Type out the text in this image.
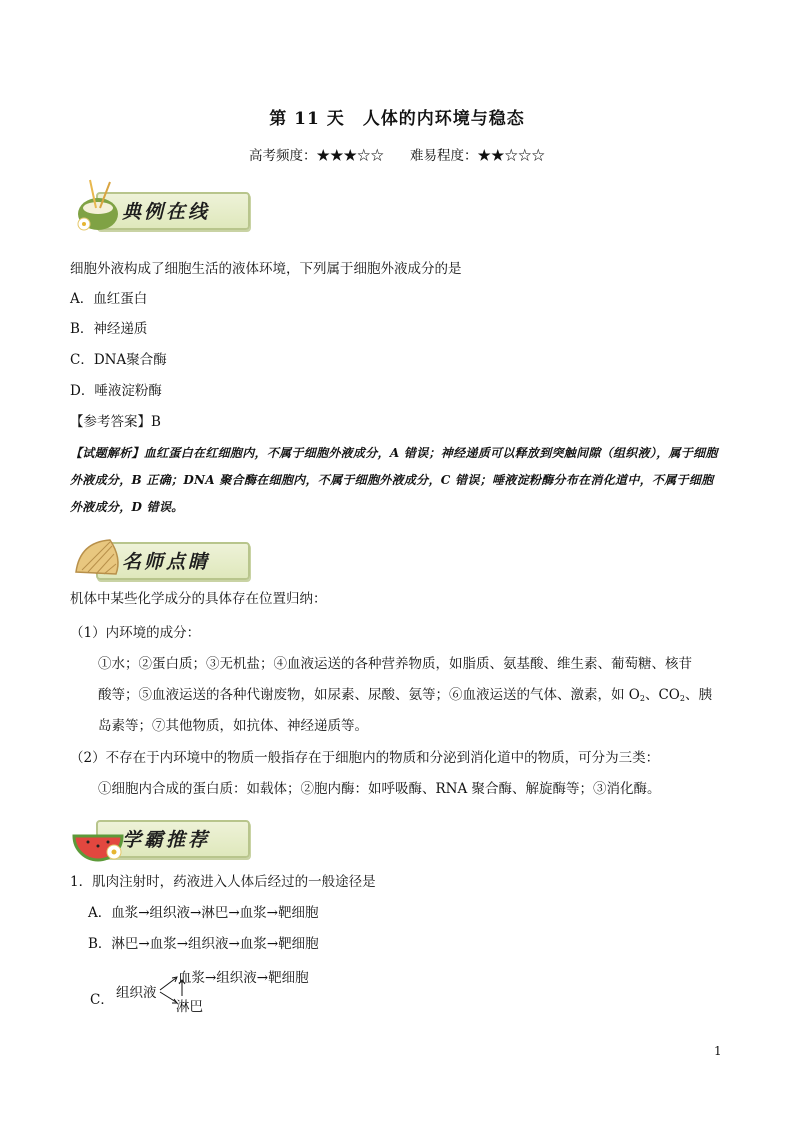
第 11 天 人体的内环境与稳态
高考频度：★★★☆☆ 难易程度：★★☆☆☆
典例在线
细胞外液构成了细胞生活的液体环境，下列属于细胞外液成分的是
A．血红蛋白
B．神经递质
C．DNA聚合酶
D．唾液淀粉酶
【参考答案】B
【试题解析】血红蛋白在红细胞内，不属于细胞外液成分，A 错误；神经递质可以释放到突触间隙（组织液），属于细胞外液成分，B 正确；DNA 聚合酶在细胞内，不属于细胞外液成分，C 错误；唾液淀粉酶分布在消化道中，不属于细胞外液成分，D 错误。
名师点睛
机体中某些化学成分的具体存在位置归纳：
（1）内环境的成分：
①水；②蛋白质；③无机盐；④血液运送的各种营养物质，如脂质、氨基酸、维生素、葡萄糖、核苷
酸等；⑤血液运送的各种代谢废物，如尿素、尿酸、氨等；⑥血液运送的气体、激素，如 $O_2$、$CO_2$、胰
岛素等；⑦其他物质，如抗体、神经递质等。
（2）不存在于内环境中的物质一般指存在于细胞内的物质和分泌到消化道中的物质，可分为三类：
①细胞内合成的蛋白质：如载体；②胞内酶：如呼吸酶、RNA 聚合酶、解旋酶等；③消化酶。
学霸推荐
1．肌肉注射时，药液进入人体后经过的一般途径是
A．血浆→组织液→淋巴→血浆→靶细胞
B．淋巴→血浆→组织液→血浆→靶细胞
C． 组织液
血浆→组织液→靶细胞
淋巴
1
